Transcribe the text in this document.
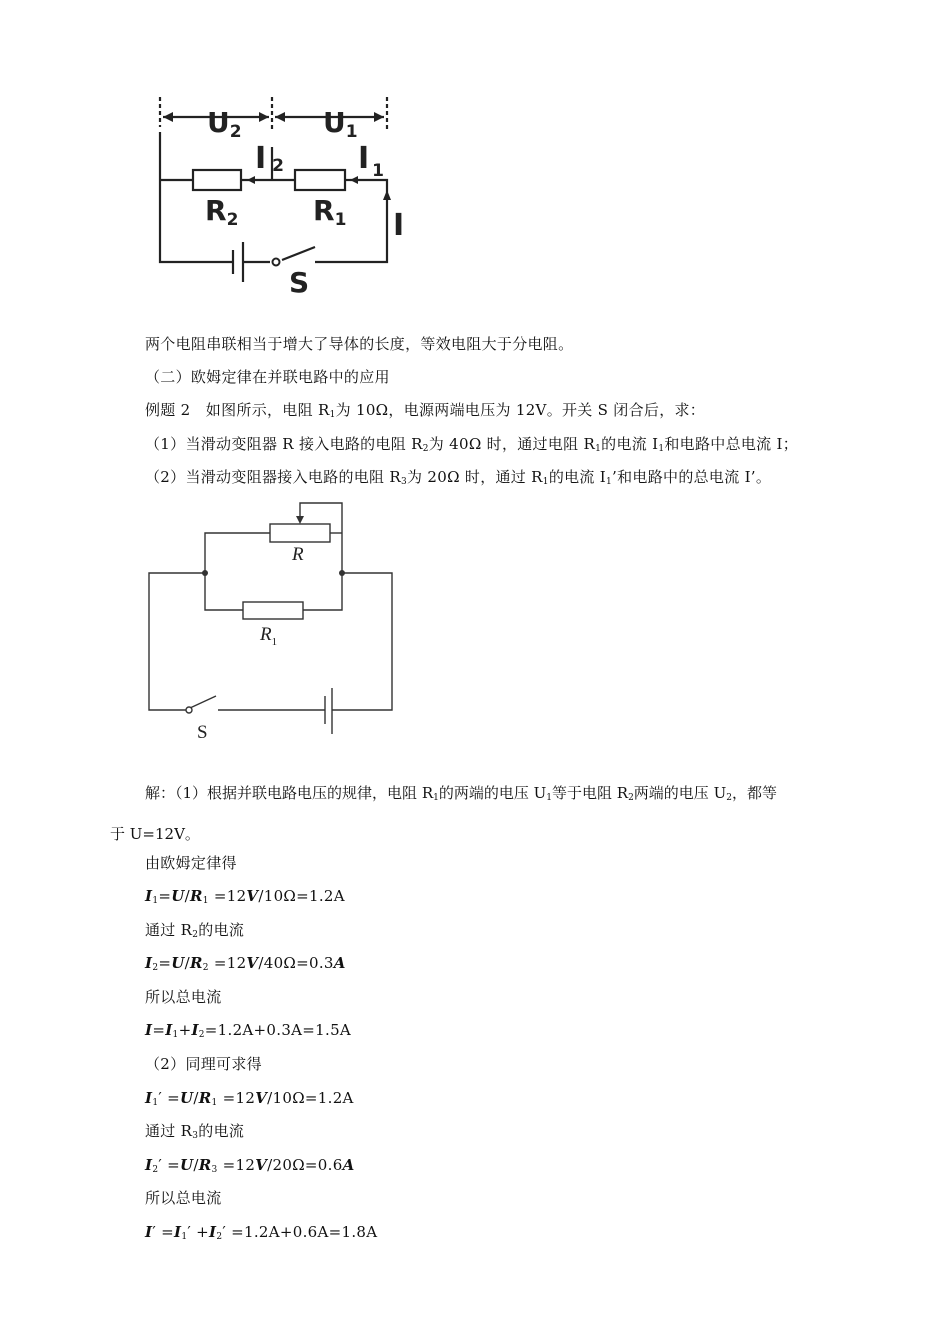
U2	U1
I 2 I $_1$
R2	R1 I
S
两个电阻串联相当于增大了导体的长度，等效电阻大于分电阻。
（二）欧姆定律在并联电路中的应用
例题 2　如图所示，电阻 $R_1$为 10Ω，电源两端电压为 12V。开关 S 闭合后，求：
（1）当滑动变阻器 R 接入电路的电阻 $R_2$为 40Ω 时，通过电阻 $R_1$的电流 $I_1$和电路中总电流 I；
（2）当滑动变阻器接入电路的电阻 $R_3$为 20Ω 时，通过 $R_1$的电流 $I_1$’和电路中的总电流 I’。
R
$R_1$
S
解：（1）根据并联电路电压的规律，电阻 $R_1$的两端的电压 $U_1$等于电阻 $R_2$两端的电压 $U_2$，都等
于 U=12V。
由欧姆定律得
$I_1=U/R_1 =12V/10\Omega=1.2A$
通过 $R_2$的电流
$I_2=U/R_2 =12V/40\Omega=0.3A$
所以总电流
$I=I_1+I_2=1.2A+0.3A=1.5A$
（2）同理可求得
$I_1' =U/R_1 =12V/10\Omega=1.2A$
通过 $R_3$的电流
$I_2' =U/R_3 =12V/20\Omega=0.6A$
所以总电流
$I' =I_1' +I_2' =1.2A+0.6A=1.8A$
